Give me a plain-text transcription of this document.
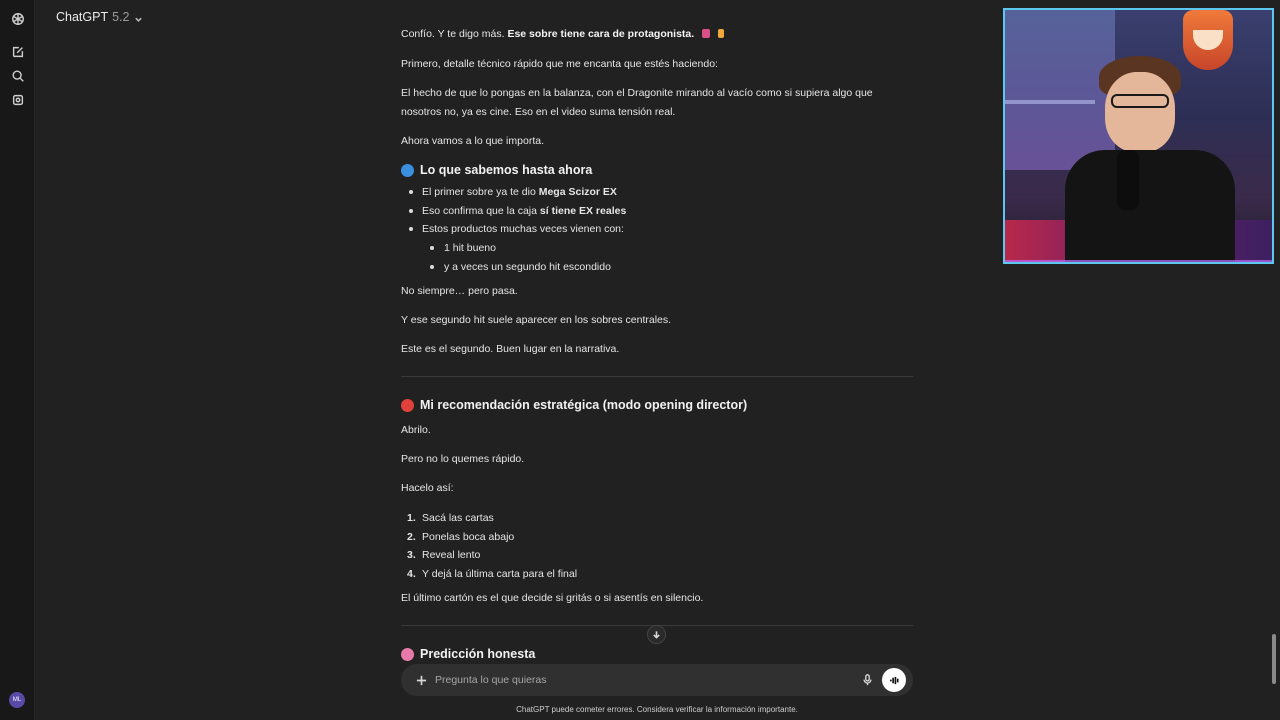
ML
ChatGPT 5.2
Confío. Y te digo más. Ese sobre tiene cara de protagonista.
Primero, detalle técnico rápido que me encanta que estés haciendo:
El hecho de que lo pongas en la balanza, con el Dragonite mirando al vacío como si supiera algo que
nosotros no, ya es cine. Eso en el video suma tensión real.
Ahora vamos a lo que importa.
Lo que sabemos hasta ahora
El primer sobre ya te dio Mega Scizor EX
Eso confirma que la caja sí tiene EX reales
Estos productos muchas veces vienen con:
1 hit bueno
y a veces un segundo hit escondido
No siempre… pero pasa.
Y ese segundo hit suele aparecer en los sobres centrales.
Este es el segundo. Buen lugar en la narrativa.
Mi recomendación estratégica (modo opening director)
Abrilo.
Pero no lo quemes rápido.
Hacelo así:
1. Sacá las cartas
2. Ponelas boca abajo
3. Reveal lento
4. Y dejá la última carta para el final
El último cartón es el que decide si gritás o si asentís en silencio.
Predicción honesta
Pregunta lo que quieras
ChatGPT puede cometer errores. Considera verificar la información importante.
